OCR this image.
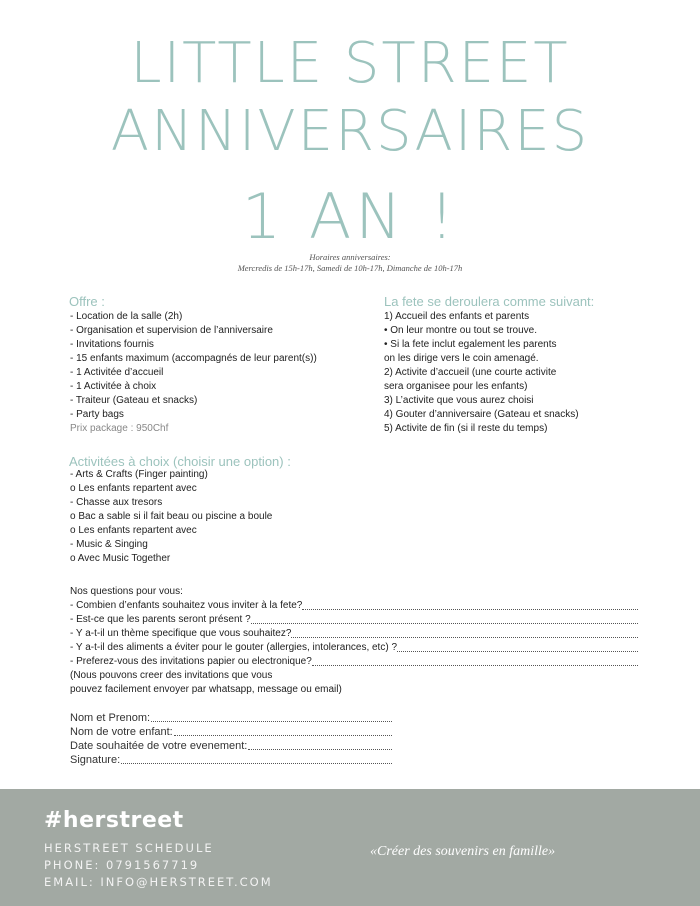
LITTLE STREET
ANNIVERSAIRES
1 AN !
Horaires anniversaires:
Mercredis de 15h-17h, Samedi de 10h-17h, Dimanche de 10h-17h
Offre :
- Location de la salle (2h)
- Organisation et supervision de l’anniversaire
- Invitations fournis
- 15 enfants maximum (accompagnés de leur parent(s))
- 1 Activitée d’accueil
- 1 Activitée à choix
- Traiteur (Gateau et snacks)
- Party bags
Prix package : 950Chf
La fete se deroulera comme suivant:
1) Accueil des enfants et parents
• On leur montre ou tout se trouve.
• Si la fete inclut egalement les parents
on les dirige vers le coin amenagé.
2) Activite d’accueil (une courte activite
sera organisee pour les enfants)
3) L’activite que vous aurez choisi
4) Gouter d’anniversaire (Gateau et snacks)
5) Activite de fin (si il reste du temps)
Activitées à choix (choisir une option) :
- Arts & Crafts (Finger painting)
o Les enfants repartent avec
- Chasse aux tresors
o Bac a sable si il fait beau ou piscine a boule
o Les enfants repartent avec
- Music & Singing
o Avec Music Together
Nos questions pour vous:
- Combien d’enfants souhaitez vous inviter à la fete?
- Est-ce que les parents seront présent ?
- Y a-t-il un thème specifique que vous souhaitez?
- Y a-t-il des aliments a éviter pour le gouter (allergies, intolerances, etc) ?
- Preferez-vous des invitations papier ou electronique?
(Nous pouvons creer des invitations que vous
pouvez facilement envoyer par whatsapp, message ou email)
Nom et Prenom:
Nom de votre enfant:
Date souhaitée de votre evenement:
Signature:
#herstreet
HERSTREET SCHEDULE
PHONE: 0791567719
EMAIL: INFO@HERSTREET.COM
«Créer des souvenirs en famille»
